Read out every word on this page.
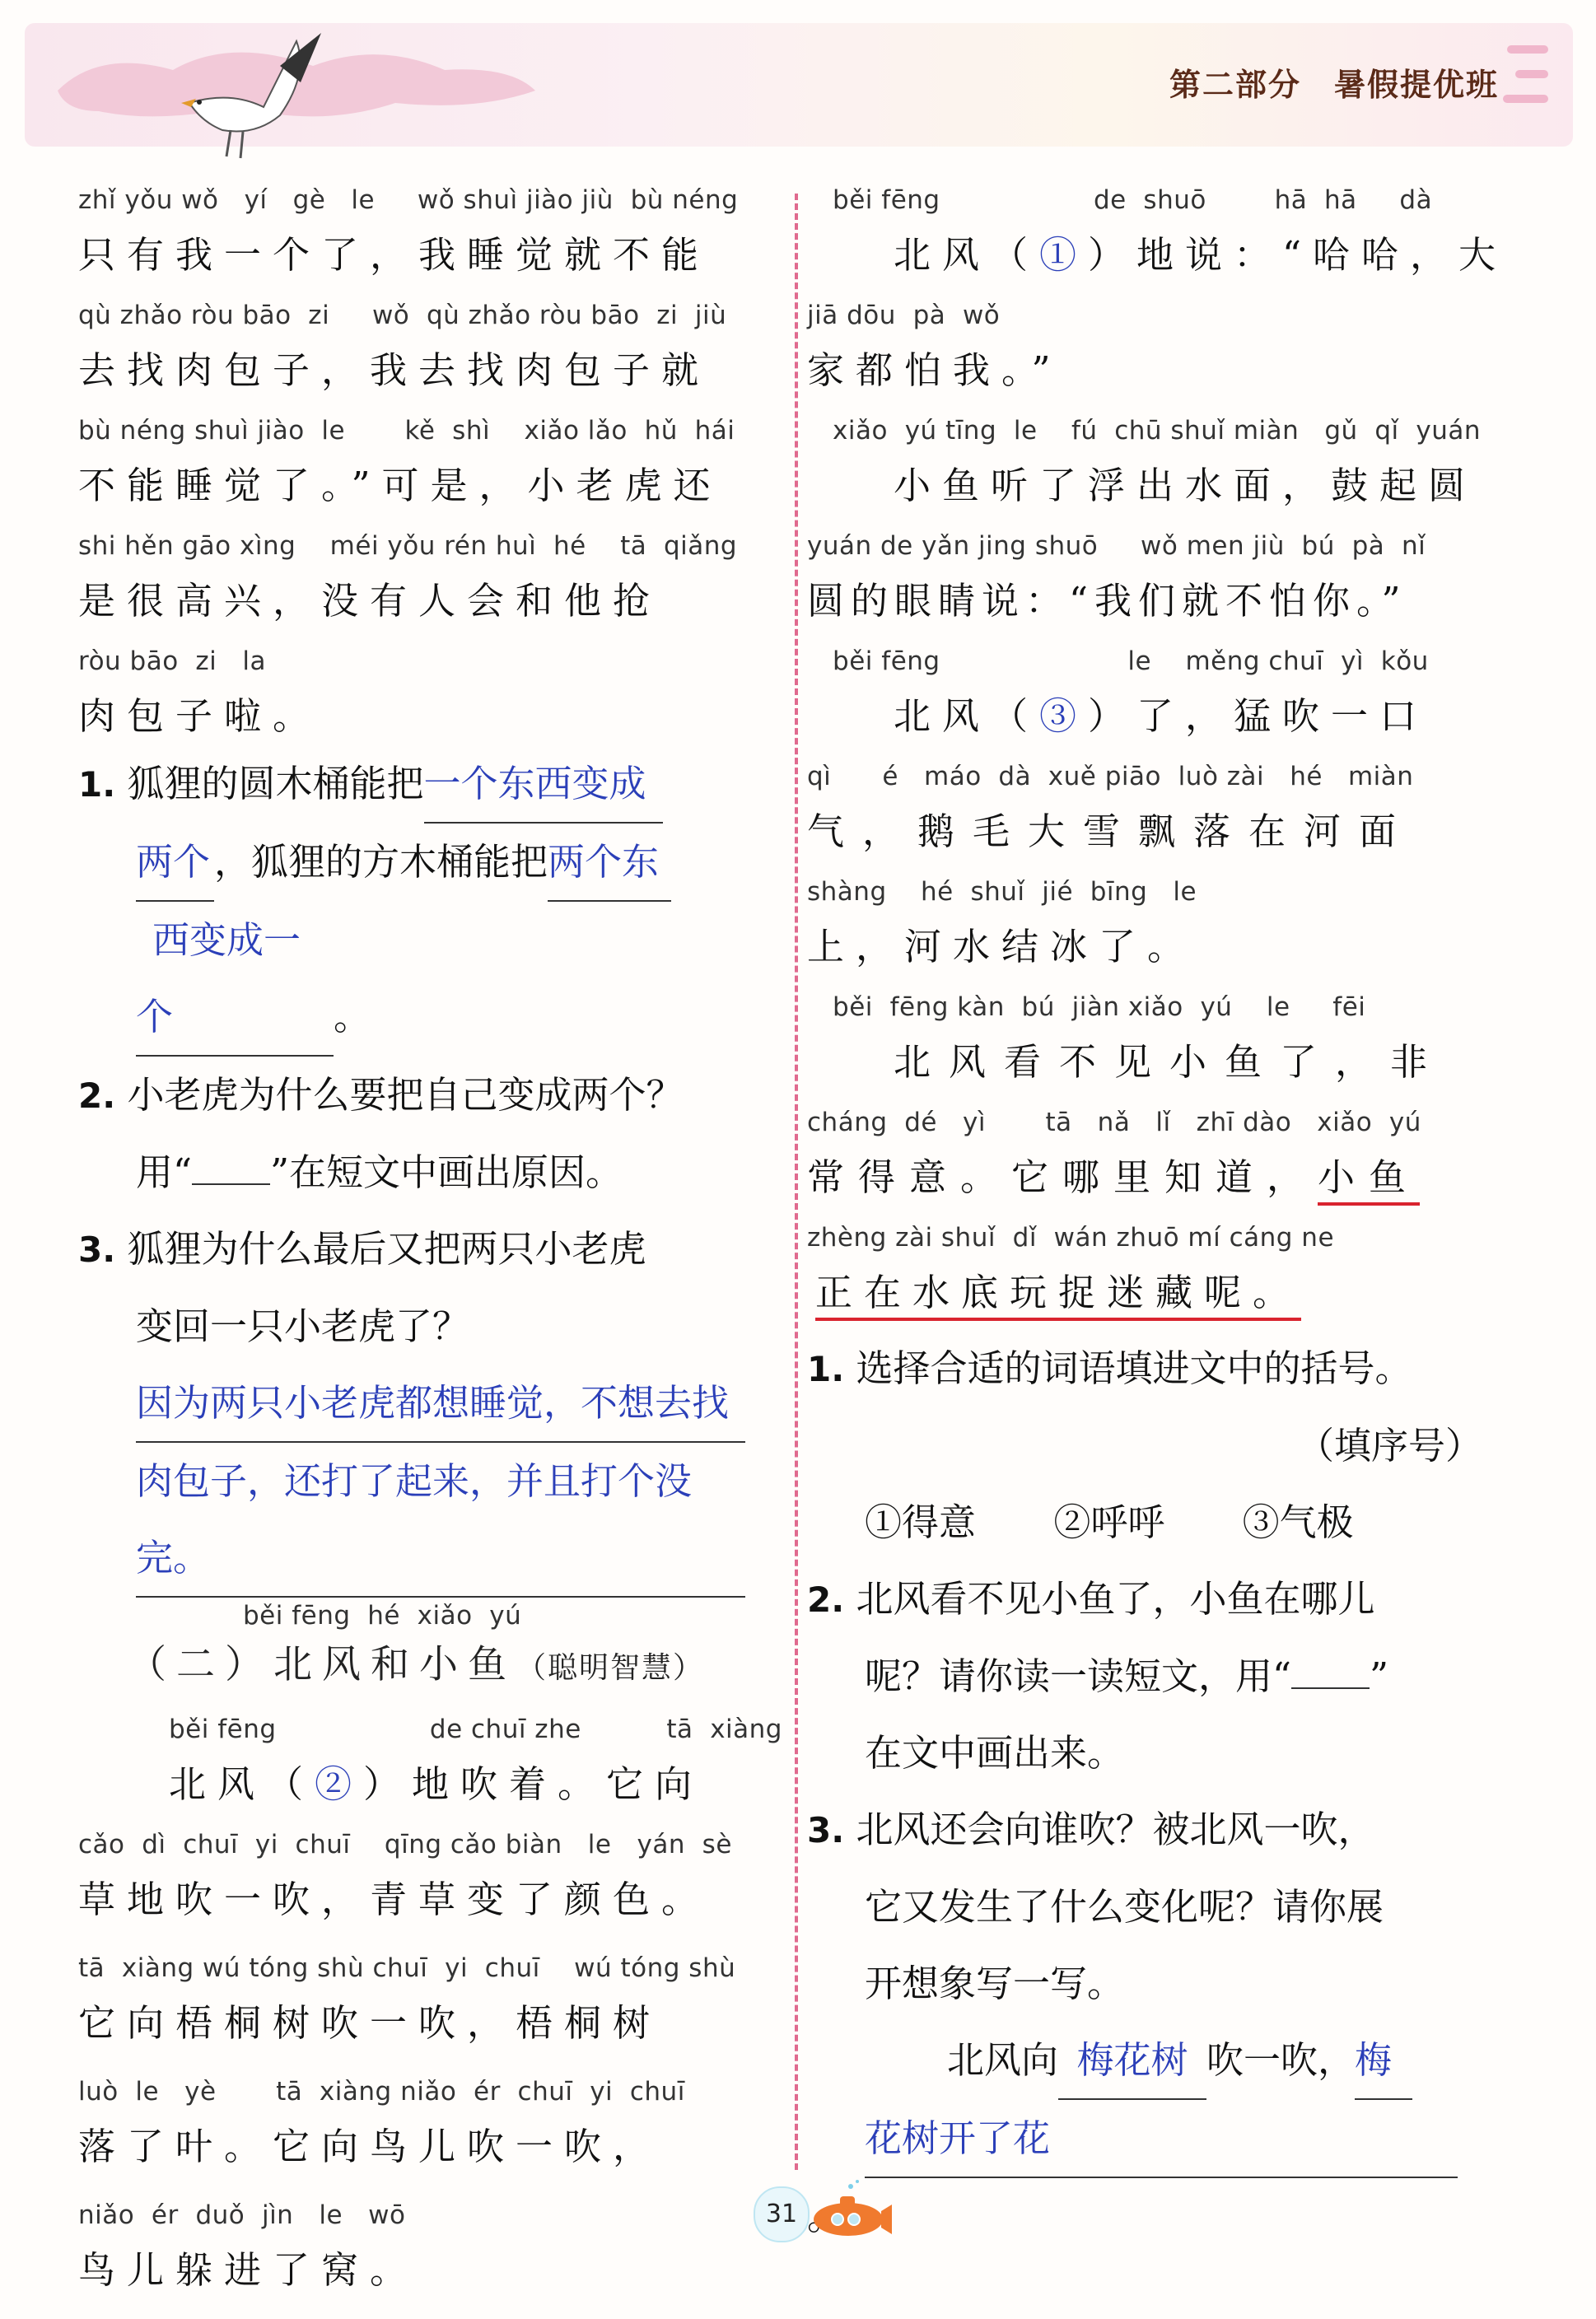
第二部分　暑假提优班
zhǐ yǒu wǒ   yí   gè   le     wǒ shuì jiào jiù  bù néng
只有我一个了，我睡觉就不能
qù zhǎo ròu bāo  zi     wǒ  qù zhǎo ròu bāo  zi  jiù
去找肉包子，我去找肉包子就
bù néng shuì jiào  le       kě  shì    xiǎo lǎo  hǔ  hái
不能睡觉了。”可是，小老虎还
shi hěn gāo xìng    méi yǒu rén huì  hé    tā  qiǎng
是很高兴，没有人会和他抢
ròu bāo  zi   la
肉包子啦。
1. 狐狸的圆木桶能把一个东西变成
两个 ，狐狸的方木桶能把两个东
西变成一个	。
2. 小老虎为什么要把自己变成两个？
用“ ”在短文中画出原因。
3. 狐狸为什么最后又把两只小老虎
变回一只小老虎了？
因为两只小老虎都想睡觉，不想去找
肉包子，还打了起来，并且打个没完。
běi fēng  hé  xiǎo  yú
（二）北风和小鱼（聪明智慧）
běi fēng                  de chuī zhe          tā  xiàng
北风（②）地吹着。它向
cǎo  dì  chuī  yi  chuī    qīng cǎo biàn   le   yán  sè
草地吹一吹，青草变了颜色。
tā  xiàng wú tóng shù chuī  yi  chuī    wú tóng shù
它向梧桐树吹一吹，梧桐树
luò  le   yè       tā  xiàng niǎo  ér  chuī  yi  chuī
落了叶。它向鸟儿吹一吹，
niǎo  ér  duǒ  jìn   le   wō
鸟儿躲进了窝。
běi fēng                  de  shuō        hā  hā     dà
北风（①）地说：“哈哈，大
jiā dōu  pà  wǒ
家都怕我。”
xiǎo  yú tīng  le    fú  chū shuǐ miàn   gǔ  qǐ  yuán
小鱼听了浮出水面，鼓起圆
yuán de yǎn jing shuō     wǒ men jiù  bú  pà  nǐ
圆的眼睛说：“我们就不怕你。”
běi fēng                      le    měng chuī  yì  kǒu
北风（③）了，猛吹一口
qì      é   máo  dà  xuě piāo  luò zài   hé   miàn
气，鹅毛大雪飘落在河面
shàng    hé  shuǐ  jié  bīng   le
上，河水结冰了。
běi  fēng kàn  bú  jiàn xiǎo  yú    le     fēi
北风看不见小鱼了，非
cháng  dé   yì       tā   nǎ   lǐ   zhī dào   xiǎo  yú
常得意。它哪里知道，小鱼
zhèng zài shuǐ  dǐ  wán zhuō mí cáng ne
正在水底玩捉迷藏呢。
1. 选择合适的词语填进文中的括号。

（填序号）
①得意 ②呼呼 ③气极
2. 北风看不见小鱼了，小鱼在哪儿
呢？请你读一读短文，用“ ”
在文中画出来。
3. 北风还会向谁吹？被北风一吹，
它又发生了什么变化呢？请你展
开想象写一写。
北风向 梅花树 吹一吹，梅
花树开了花
31
